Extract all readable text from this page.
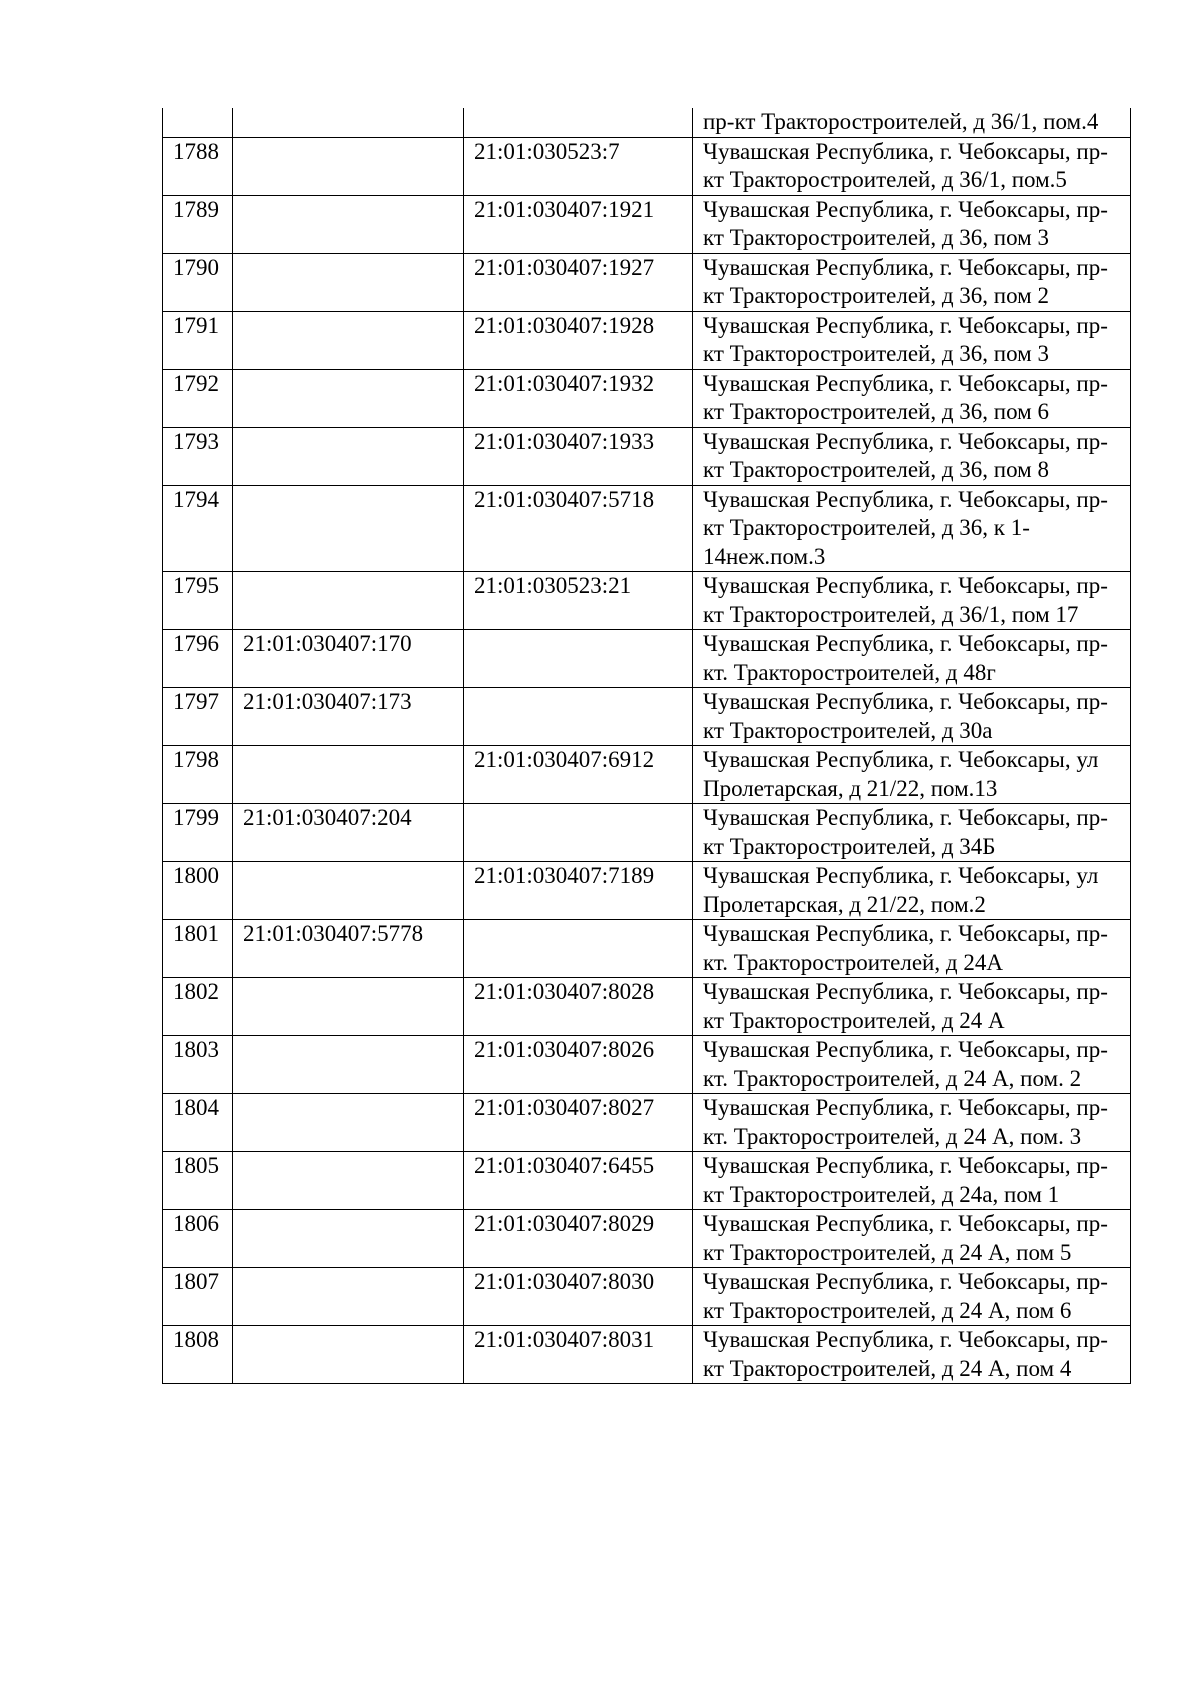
			пр-кт Тракторостроителей, д 36/1, пом.4
1788		21:01:030523:7	Чувашская Республика, г. Чебоксары, пр-кт Тракторостроителей, д 36/1, пом.5
1789		21:01:030407:1921	Чувашская Республика, г. Чебоксары, пр-кт Тракторостроителей, д 36, пом 3
1790		21:01:030407:1927	Чувашская Республика, г. Чебоксары, пр-кт Тракторостроителей, д 36, пом 2
1791		21:01:030407:1928	Чувашская Республика, г. Чебоксары, пр-кт Тракторостроителей, д 36, пом 3
1792		21:01:030407:1932	Чувашская Республика, г. Чебоксары, пр-кт Тракторостроителей, д 36, пом 6
1793		21:01:030407:1933	Чувашская Республика, г. Чебоксары, пр-кт Тракторостроителей, д 36, пом 8
1794		21:01:030407:5718	Чувашская Республика, г. Чебоксары, пр-кт Тракторостроителей, д 36, к 1-14неж.пом.3
1795		21:01:030523:21	Чувашская Республика, г. Чебоксары, пр-кт Тракторостроителей, д 36/1, пом 17
1796	21:01:030407:170		Чувашская Республика, г. Чебоксары, пр-кт. Тракторостроителей, д 48г
1797	21:01:030407:173		Чувашская Республика, г. Чебоксары, пр-кт Тракторостроителей, д 30а
1798		21:01:030407:6912	Чувашская Республика, г. Чебоксары, ул Пролетарская, д 21/22, пом.13
1799	21:01:030407:204		Чувашская Республика, г. Чебоксары, пр-кт Тракторостроителей, д 34Б
1800		21:01:030407:7189	Чувашская Республика, г. Чебоксары, ул Пролетарская, д 21/22, пом.2
1801	21:01:030407:5778		Чувашская Республика, г. Чебоксары, пр-кт. Тракторостроителей, д 24А
1802		21:01:030407:8028	Чувашская Республика, г. Чебоксары, пр-кт Тракторостроителей, д 24 А
1803		21:01:030407:8026	Чувашская Республика, г. Чебоксары, пр-кт. Тракторостроителей, д 24 А, пом. 2
1804		21:01:030407:8027	Чувашская Республика, г. Чебоксары, пр-кт. Тракторостроителей, д 24 А, пом. 3
1805		21:01:030407:6455	Чувашская Республика, г. Чебоксары, пр-кт Тракторостроителей, д 24а, пом 1
1806		21:01:030407:8029	Чувашская Республика, г. Чебоксары, пр-кт Тракторостроителей, д 24 А, пом 5
1807		21:01:030407:8030	Чувашская Республика, г. Чебоксары, пр-кт Тракторостроителей, д 24 А, пом 6
1808		21:01:030407:8031	Чувашская Республика, г. Чебоксары, пр-кт Тракторостроителей, д 24 А, пом 4
